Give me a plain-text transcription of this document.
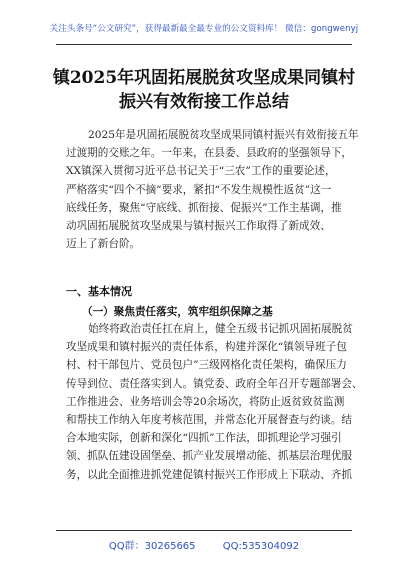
关注头条号“公文研究”，获得最新最全最专业的公文资料库！ 微信：gongwenyj
镇2025年巩固拓展脱贫攻坚成果同镇村
振兴有效衔接工作总结
2025年是巩固拓展脱贫攻坚成果同镇村振兴有效衔接五年
过渡期的交账之年。一年来，在县委、县政府的坚强领导下，
XX镇深入贯彻习近平总书记关于“三农”工作的重要论述，
严格落实“四个不摘”要求，紧扣“不发生规模性返贫”这一
底线任务，聚焦“守底线、抓衔接、促振兴”工作主基调，推
动巩固拓展脱贫攻坚成果与镇村振兴工作取得了新成效、
迈上了新台阶。
一、基本情况
（一）聚焦责任落实，筑牢组织保障之基
始终将政治责任扛在肩上，健全五级书记抓巩固拓展脱贫
攻坚成果和镇村振兴的责任体系，构建并深化“镇领导班子包
村、村干部包片、党员包户”三级网格化责任架构，确保压力
传导到位、责任落实到人。镇党委、政府全年召开专题部署会、
工作推进会、业务培训会等20余场次，将防止返贫致贫监测
和帮扶工作纳入年度考核范围，并常态化开展督查与约谈。结
合本地实际，创新和深化“四抓”工作法，即抓理论学习强引
领、抓队伍建设固堡垒、抓产业发展增动能、抓基层治理优服
务，以此全面推进抓党建促镇村振兴工作形成上下联动、齐抓
QQ群：30265665	QQ:535304092
